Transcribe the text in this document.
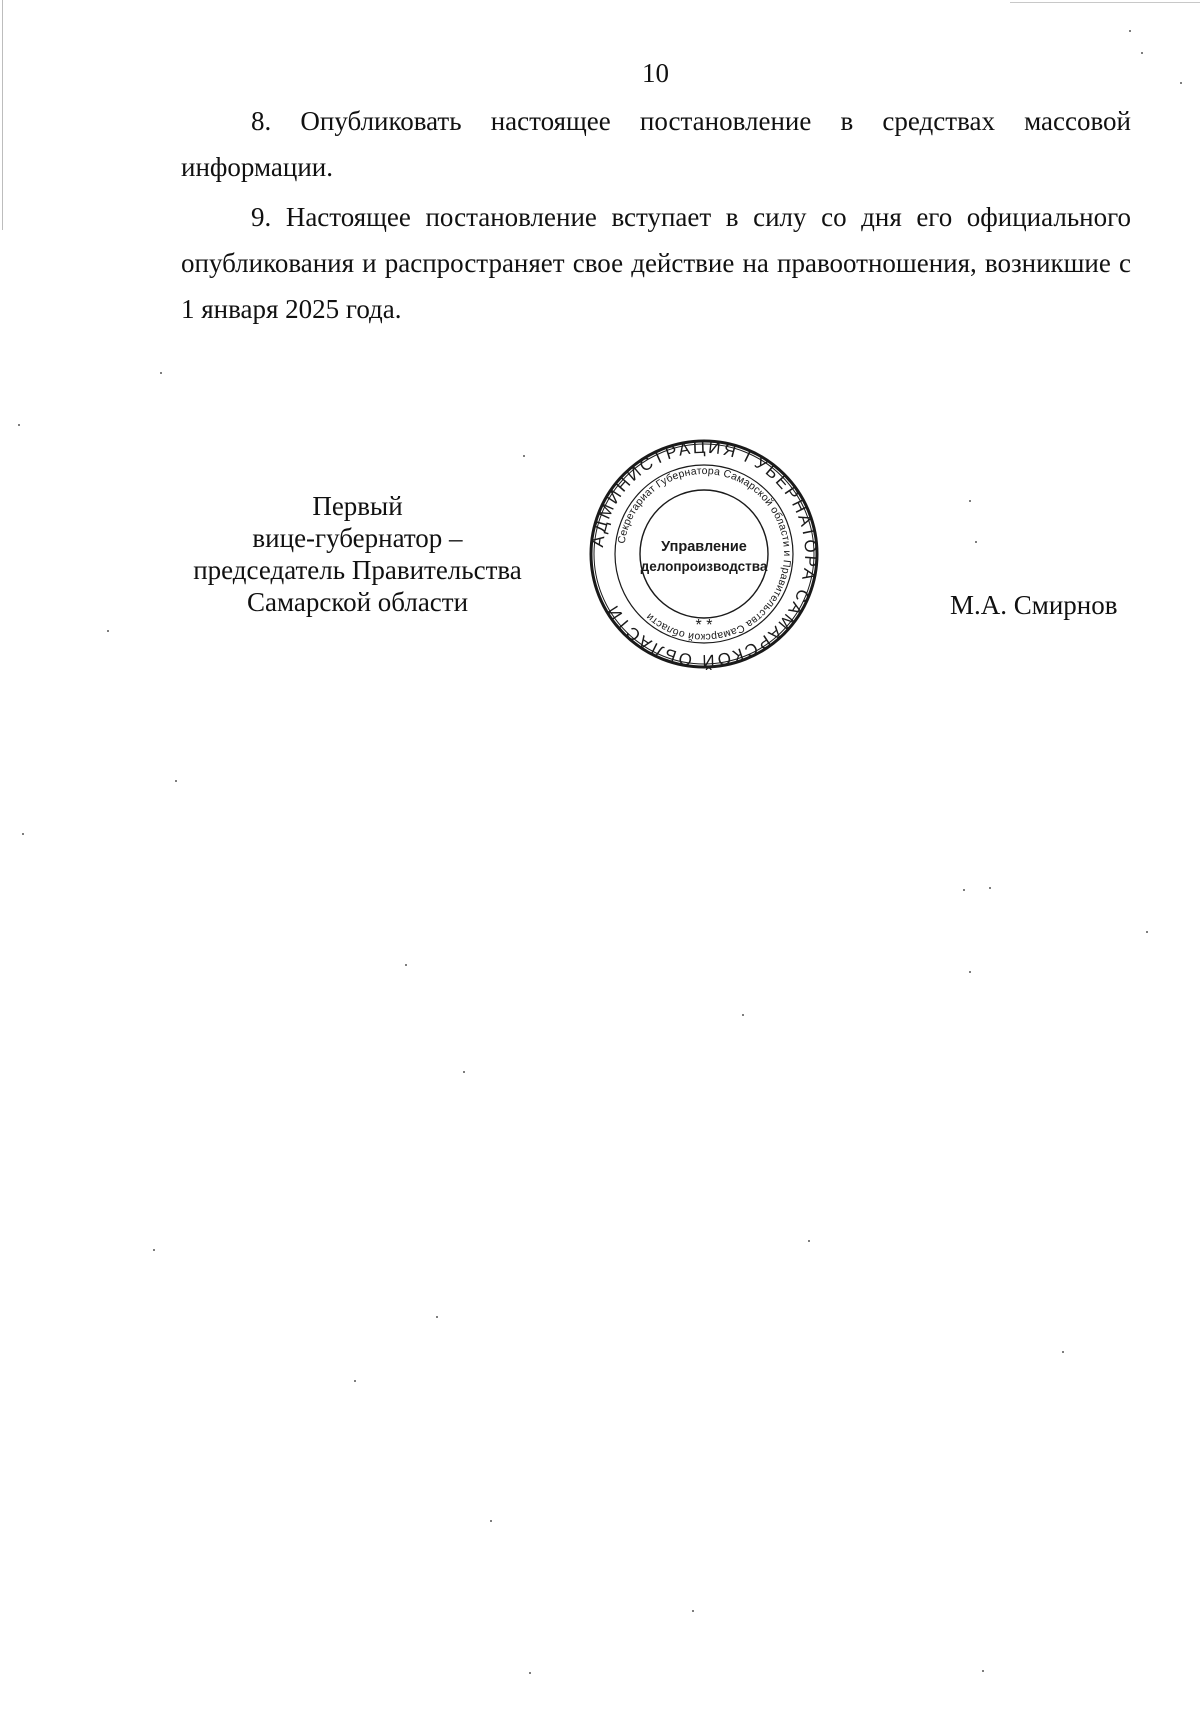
10

8. Опубликовать настоящее постановление в средствах массовой информации.

9. Настоящее постановление вступает в силу со дня его официального опубликования и распространяет свое действие на правоотношения, возникшие с 1 января 2025 года.

Первый
вице-губернатор –
председатель Правительства
Самарской области
АДМИНИСТРАЦИЯ ГУБЕРНАТОРА САМАРСКОЙ ОБЛАСТИ
Секретариат Губернатора Самарской области и Правительства Самарской области	* *
Управление
делопроизводства
М.А. Смирнов
